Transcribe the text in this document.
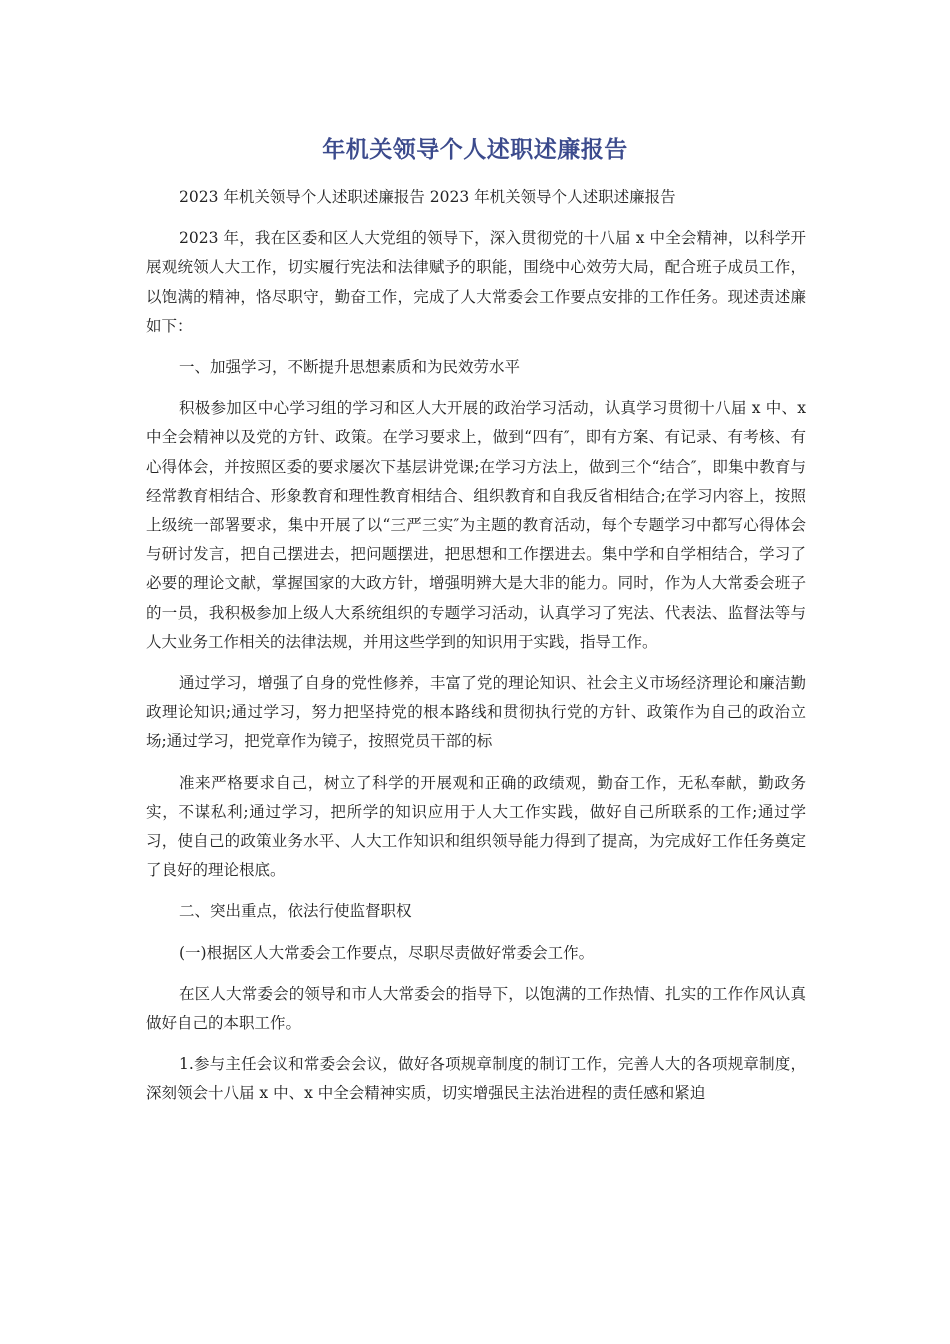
年机关领导个人述职述廉报告

2023 年机关领导个人述职述廉报告 2023 年机关领导个人述职述廉报告

2023 年，我在区委和区人大党组的领导下，深入贯彻党的十八届 x 中全会精神，以科学开展观统领人大工作，切实履行宪法和法律赋予的职能，围绕中心效劳大局，配合班子成员工作，以饱满的精神，恪尽职守，勤奋工作，完成了人大常委会工作要点安排的工作任务。现述责述廉如下：

一、加强学习，不断提升思想素质和为民效劳水平

积极参加区中心学习组的学习和区人大开展的政治学习活动，认真学习贯彻十八届 x 中、x 中全会精神以及党的方针、政策。在学习要求上，做到“四有″，即有方案、有记录、有考核、有心得体会，并按照区委的要求屡次下基层讲党课;在学习方法上，做到三个“结合″，即集中教育与经常教育相结合、形象教育和理性教育相结合、组织教育和自我反省相结合;在学习内容上，按照上级统一部署要求，集中开展了以“三严三实″为主题的教育活动，每个专题学习中都写心得体会与研讨发言，把自己摆进去，把问题摆进，把思想和工作摆进去。集中学和自学相结合，学习了必要的理论文献，掌握国家的大政方针，增强明辨大是大非的能力。同时，作为人大常委会班子的一员，我积极参加上级人大系统组织的专题学习活动，认真学习了宪法、代表法、监督法等与人大业务工作相关的法律法规，并用这些学到的知识用于实践，指导工作。

通过学习，增强了自身的党性修养，丰富了党的理论知识、社会主义市场经济理论和廉洁勤政理论知识;通过学习，努力把坚持党的根本路线和贯彻执行党的方针、政策作为自己的政治立场;通过学习，把党章作为镜子，按照党员干部的标

准来严格要求自己，树立了科学的开展观和正确的政绩观，勤奋工作，无私奉献，勤政务实，不谋私利;通过学习，把所学的知识应用于人大工作实践，做好自己所联系的工作;通过学习，使自己的政策业务水平、人大工作知识和组织领导能力得到了提高，为完成好工作任务奠定了良好的理论根底。

二、突出重点，依法行使监督职权

(一)根据区人大常委会工作要点，尽职尽责做好常委会工作。

在区人大常委会的领导和市人大常委会的指导下，以饱满的工作热情、扎实的工作作风认真做好自己的本职工作。

1.参与主任会议和常委会会议，做好各项规章制度的制订工作，完善人大的各项规章制度，深刻领会十八届 x 中、x 中全会精神实质，切实增强民主法治进程的责任感和紧迫
